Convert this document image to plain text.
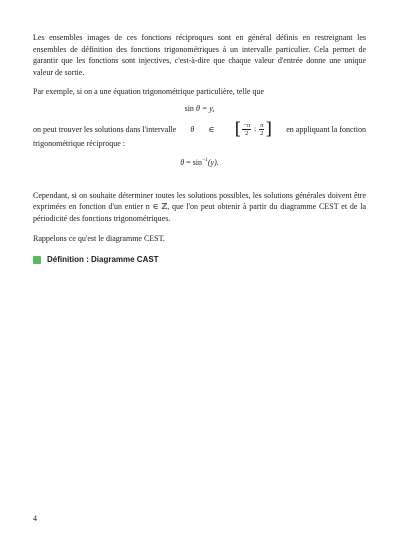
Les ensembles images de ces fonctions réciproques sont en général définis en restreignant les ensembles de définition des fonctions trigonométriques à un intervalle particulier. Cela permet de garantir que les fonctions sont injectives, c'est-à-dire que chaque valeur d'entrée donne une unique valeur de sortie.

Par exemple, si on a une équation trigonométrique particulière, telle que

sin θ = y,
on peut trouver les solutions dans l'intervalle θ ∈ [ $\frac{-\pi}{2}$ ; $\frac{\pi}{2}$ ] en appliquant la fonction

trigonométrique réciproque :

$\theta = \sin^{-1}(y)$.

Cependant, si on souhaite déterminer toutes les solutions possibles, les solutions générales doivent être exprimées en fonction d'un entier n ∈ ℤ, que l'on peut obtenir à partir du diagramme CEST et de la périodicité des fonctions trigonométriques.

Rappelons ce qu'est le diagramme CEST.

Définition : Diagramme CAST
4
